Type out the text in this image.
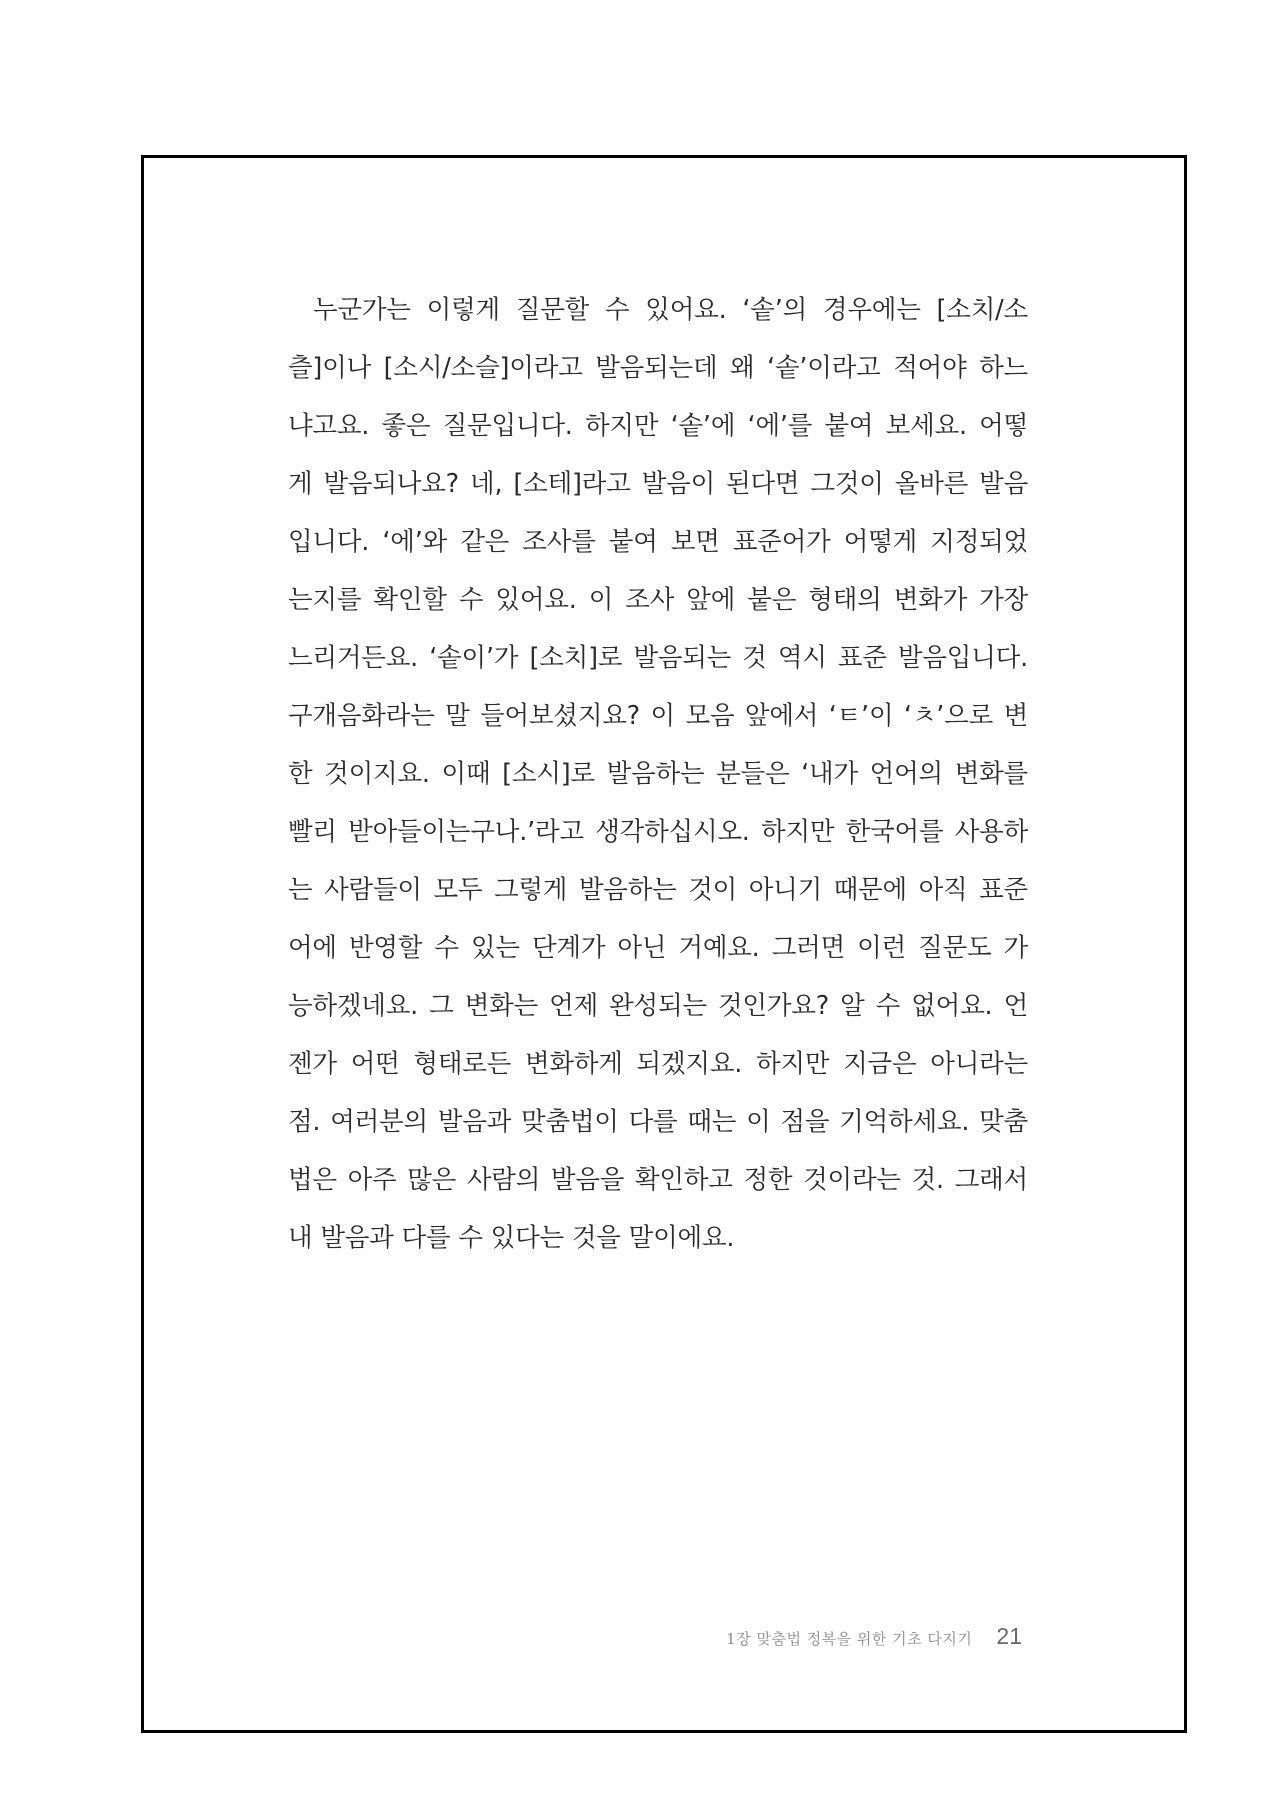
누군가는 이렇게 질문할 수 있어요. ‘솥’의 경우에는 [소치/소
츨]이나 [소시/소슬]이라고 발음되는데 왜 ‘솥’이라고 적어야 하느
냐고요. 좋은 질문입니다. 하지만 ‘솥’에 ‘에’를 붙여 보세요. 어떻
게 발음되나요? 네, [소테]라고 발음이 된다면 그것이 올바른 발음
입니다. ‘에’와 같은 조사를 붙여 보면 표준어가 어떻게 지정되었
는지를 확인할 수 있어요. 이 조사 앞에 붙은 형태의 변화가 가장
느리거든요. ‘솥이’가 [소치]로 발음되는 것 역시 표준 발음입니다.
구개음화라는 말 들어보셨지요? 이 모음 앞에서 ‘ㅌ’이 ‘ㅊ’으로 변
한 것이지요. 이때 [소시]로 발음하는 분들은 ‘내가 언어의 변화를
빨리 받아들이는구나.’라고 생각하십시오. 하지만 한국어를 사용하
는 사람들이 모두 그렇게 발음하는 것이 아니기 때문에 아직 표준
어에 반영할 수 있는 단계가 아닌 거예요. 그러면 이런 질문도 가
능하겠네요. 그 변화는 언제 완성되는 것인가요? 알 수 없어요. 언
젠가 어떤 형태로든 변화하게 되겠지요. 하지만 지금은 아니라는
점. 여러분의 발음과 맞춤법이 다를 때는 이 점을 기억하세요. 맞춤
법은 아주 많은 사람의 발음을 확인하고 정한 것이라는 것. 그래서
내 발음과 다를 수 있다는 것을 말이에요.
1장 맞춤법 정복을 위한 기초 다지기 21
